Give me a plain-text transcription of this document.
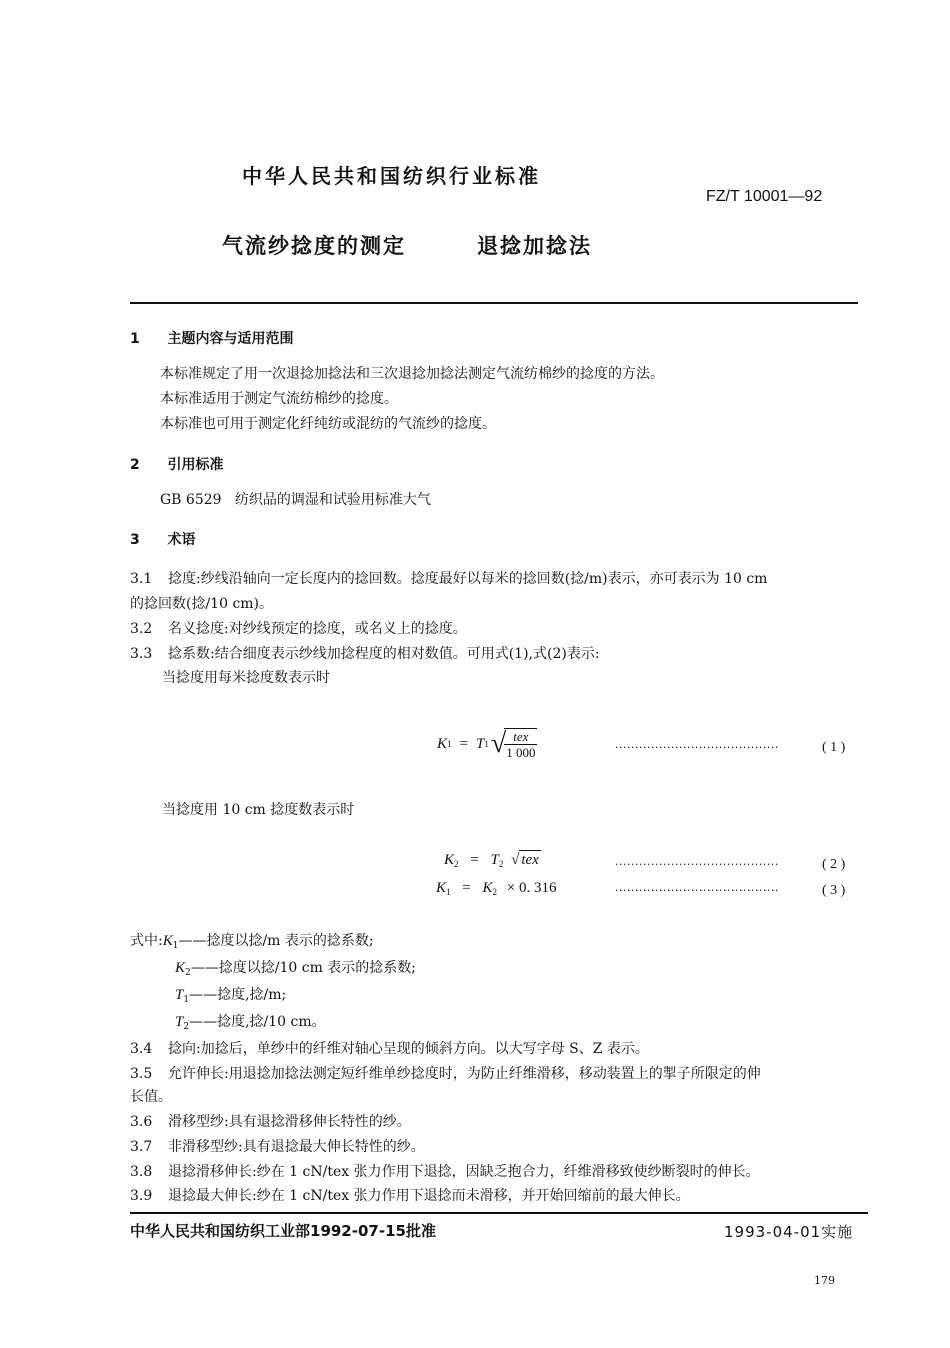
中华人民共和国纺织行业标准
FZ/T 10001—92
气流纱捻度的测定	退捻加捻法
1 主题内容与适用范围
本标准规定了用一次退捻加捻法和三次退捻加捻法测定气流纺棉纱的捻度的方法。
本标准适用于测定气流纺棉纱的捻度。
本标准也可用于测定化纤纯纺或混纺的气流纱的捻度。
2 引用标准
GB 6529   纺织品的调湿和试验用标准大气
3 术语
3.1 捻度:纱线沿轴向一定长度内的捻回数。捻度最好以每米的捻回数(捻/m)表示，亦可表示为 10 cm
的捻回数(捻/10 cm)。
3.2 名义捻度:对纱线预定的捻度，或名义上的捻度。
3.3 捻系数:结合细度表示纱线加捻程度的相对数值。可用式(1),式(2)表示:
当捻度用每米捻度数表示时
K 1 = T 1 √
$\frac{\text{tex}}{1 000}$	·········································	( 1 )
当捻度用 10 cm 捻度数表示时
$K_2 = T_2$ √ tex	·········································	( 2 )
$K_1 = K_2 \times 0$. 316	·········································	( 3 )
式中$:K_1——$捻度以捻/m 表示的捻系数;
$K_2——$捻度以捻/10 cm 表示的捻系数;
$T_1——$捻度,捻/m;
$T_2——$捻度,捻/10 cm。
3.4 捻向:加捻后，单纱中的纤维对轴心呈现的倾斜方向。以大写字母 S、Z 表示。
3.5 允许伸长:用退捻加捻法测定短纤维单纱捻度时，为防止纤维滑移，移动装置上的掣子所限定的伸
长值。
3.6 滑移型纱:具有退捻滑移伸长特性的纱。
3.7 非滑移型纱:具有退捻最大伸长特性的纱。
3.8 退捻滑移伸长:纱在 1 cN/tex 张力作用下退捻，因缺乏抱合力，纤维滑移致使纱断裂时的伸长。
3.9 退捻最大伸长:纱在 1 cN/tex 张力作用下退捻而未滑移，并开始回缩前的最大伸长。
中华人民共和国纺织工业部1992-07-15批准	1993-04-01实施
179
